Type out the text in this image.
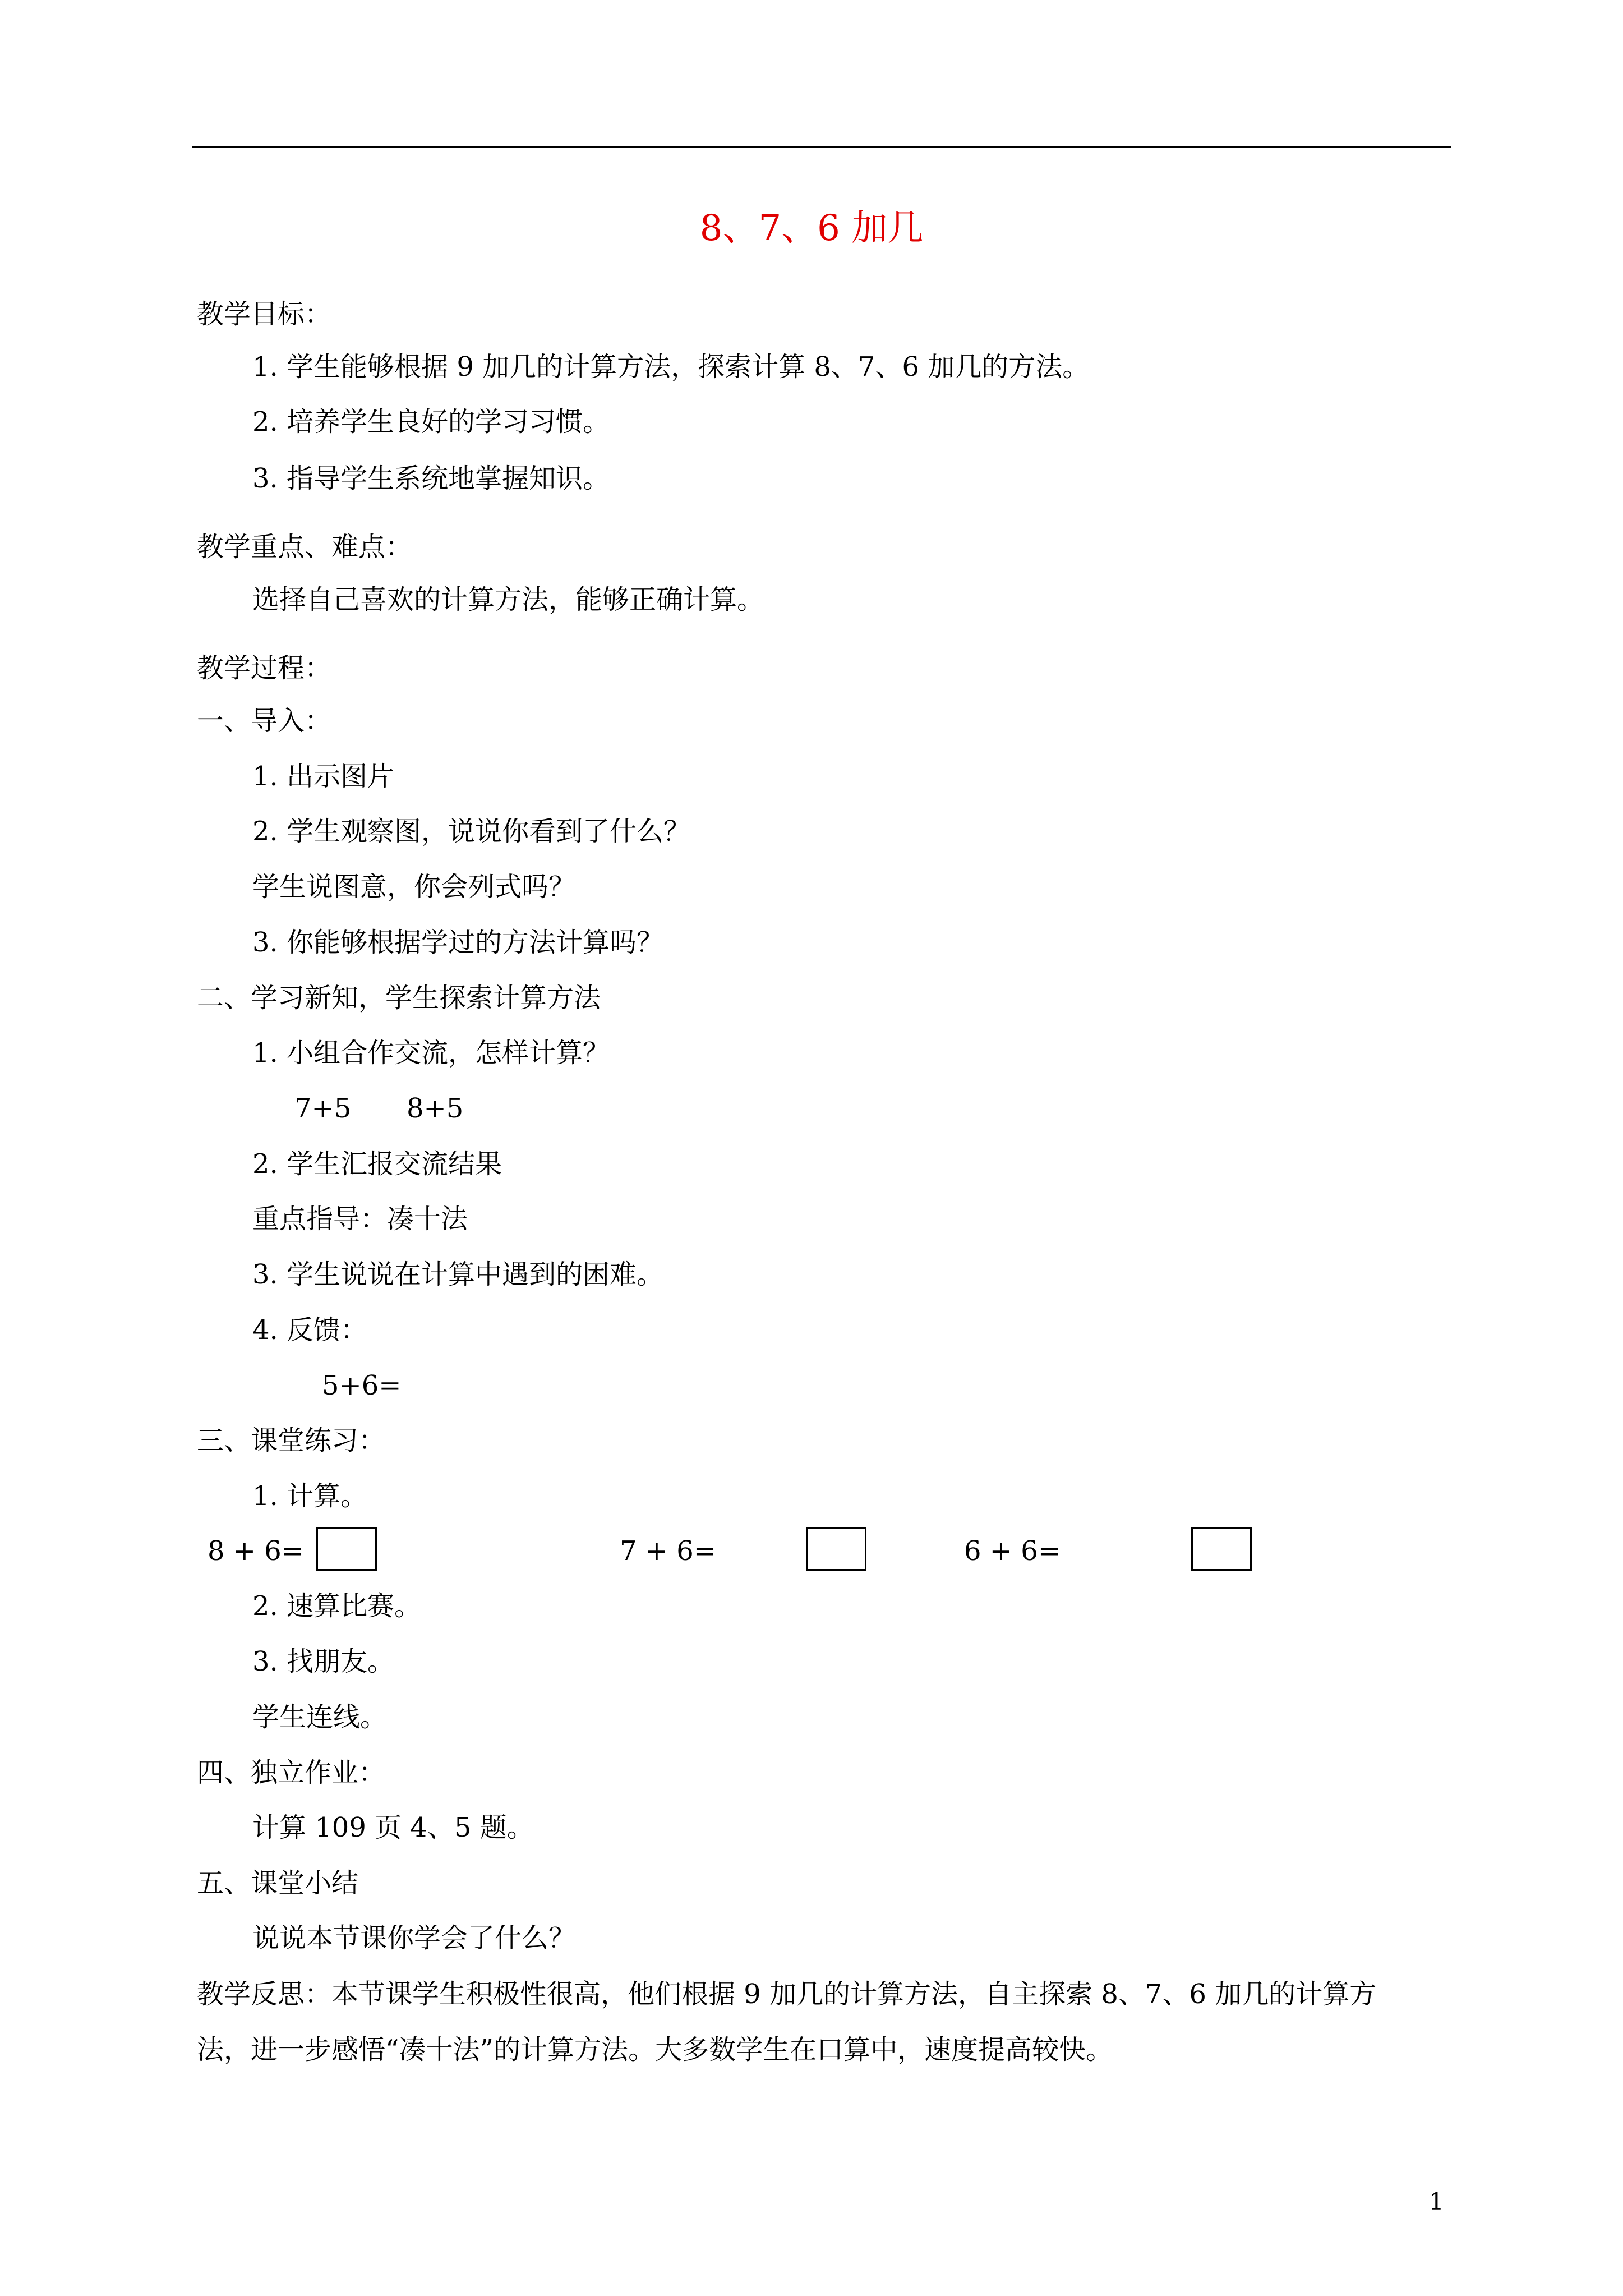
8、7、6 加几
教学目标：
1. 学生能够根据 9 加几的计算方法，探索计算 8、7、6 加几的方法。
2. 培养学生良好的学习习惯。
3. 指导学生系统地掌握知识。
教学重点、难点：
选择自己喜欢的计算方法，能够正确计算。
教学过程：
一、导入：
1. 出示图片
2. 学生观察图，说说你看到了什么？
学生说图意，你会列式吗？
3. 你能够根据学过的方法计算吗？
二、学习新知，学生探索计算方法
1. 小组合作交流，怎样计算？
7+5 8+5
2. 学生汇报交流结果
重点指导：凑十法
3. 学生说说在计算中遇到的困难。
4. 反馈：
5+6=
三、课堂练习：
1. 计算。
8 + 6=	7 + 6=	6 + 6=
2. 速算比赛。
3. 找朋友。
学生连线。
四、独立作业：
计算 109 页 4、5 题。
五、课堂小结
说说本节课你学会了什么？
教学反思：本节课学生积极性很高，他们根据 9 加几的计算方法，自主探索 8、7、6 加几的计算方
法，进一步感悟“凑十法”的计算方法。大多数学生在口算中，速度提高较快。
1
